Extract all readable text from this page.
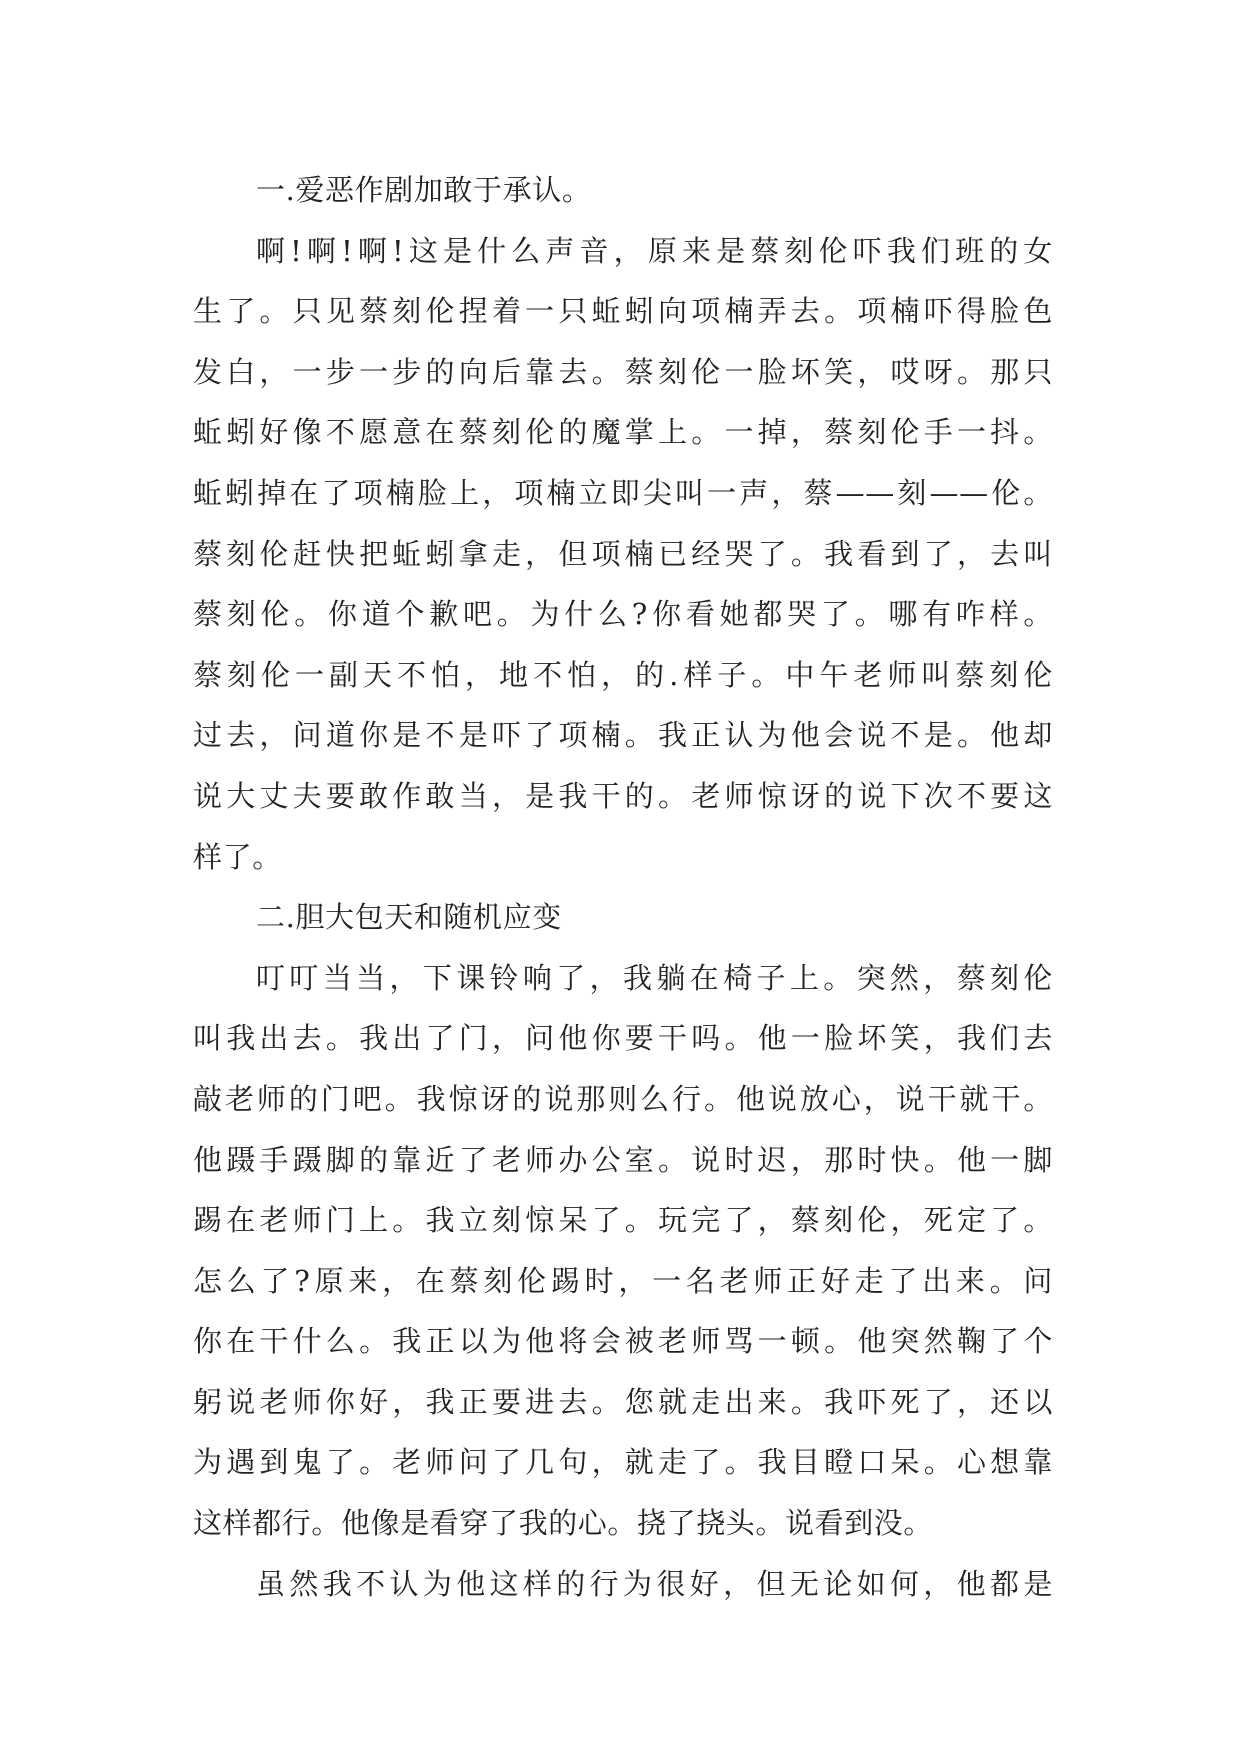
一.爱恶作剧加敢于承认。
啊!啊!啊!这是什么声音，原来是蔡刻伦吓我们班的女
生了。只见蔡刻伦捏着一只蚯蚓向项楠弄去。项楠吓得脸色
发白，一步一步的向后靠去。蔡刻伦一脸坏笑，哎呀。那只
蚯蚓好像不愿意在蔡刻伦的魔掌上。一掉，蔡刻伦手一抖。
蚯蚓掉在了项楠脸上，项楠立即尖叫一声，蔡——刻——伦。
蔡刻伦赶快把蚯蚓拿走，但项楠已经哭了。我看到了，去叫
蔡刻伦。你道个歉吧。为什么?你看她都哭了。哪有咋样。
蔡刻伦一副天不怕，地不怕，的.样子。中午老师叫蔡刻伦
过去，问道你是不是吓了项楠。我正认为他会说不是。他却
说大丈夫要敢作敢当，是我干的。老师惊讶的说下次不要这
样了。
二.胆大包天和随机应变
叮叮当当，下课铃响了，我躺在椅子上。突然，蔡刻伦
叫我出去。我出了门，问他你要干吗。他一脸坏笑，我们去
敲老师的门吧。我惊讶的说那则么行。他说放心，说干就干。
他蹑手蹑脚的靠近了老师办公室。说时迟，那时快。他一脚
踢在老师门上。我立刻惊呆了。玩完了，蔡刻伦，死定了。
怎么了?原来，在蔡刻伦踢时，一名老师正好走了出来。问
你在干什么。我正以为他将会被老师骂一顿。他突然鞠了个
躬说老师你好，我正要进去。您就走出来。我吓死了，还以
为遇到鬼了。老师问了几句，就走了。我目瞪口呆。心想靠
这样都行。他像是看穿了我的心。挠了挠头。说看到没。
虽然我不认为他这样的行为很好，但无论如何，他都是
